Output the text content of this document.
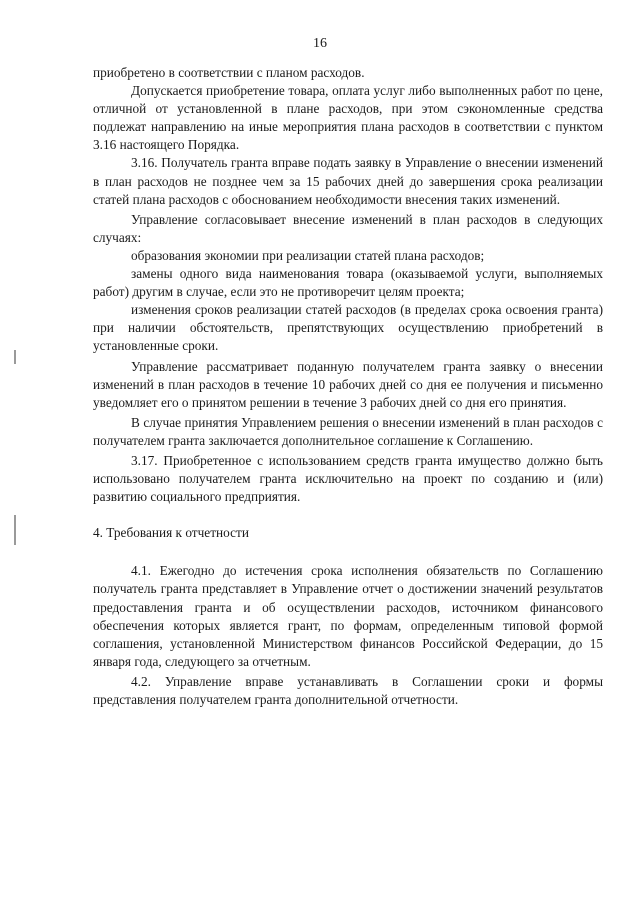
16

приобретено в соответствии с планом расходов.

Допускается приобретение товара, оплата услуг либо выполненных работ по цене, отличной от установленной в плане расходов, при этом сэкономленные средства подлежат направлению на иные мероприятия плана расходов в соответствии с пунктом 3.16 настоящего Порядка.

3.16. Получатель гранта вправе подать заявку в Управление о внесении изменений в план расходов не позднее чем за 15 рабочих дней до завершения срока реализации статей плана расходов с обоснованием необходимости внесения таких изменений.

Управление согласовывает внесение изменений в план расходов в следующих случаях:

образования экономии при реализации статей плана расходов;

замены одного вида наименования товара (оказываемой услуги, выполняемых работ) другим в случае, если это не противоречит целям проекта;

изменения сроков реализации статей расходов (в пределах срока освоения гранта) при наличии обстоятельств, препятствующих осуществлению приобретений в установленные сроки.

Управление рассматривает поданную получателем гранта заявку о внесении изменений в план расходов в течение 10 рабочих дней со дня ее получения и письменно уведомляет его о принятом решении в течение 3 рабочих дней со дня его принятия.

В случае принятия Управлением решения о внесении изменений в план расходов с получателем гранта заключается дополнительное соглашение к Соглашению.

3.17. Приобретенное с использованием средств гранта имущество должно быть использовано получателем гранта исключительно на проект по созданию и (или) развитию социального предприятия.

4. Требования к отчетности

4.1. Ежегодно до истечения срока исполнения обязательств по Соглашению получатель гранта представляет в Управление отчет о достижении значений результатов предоставления гранта и об осуществлении расходов, источником финансового обеспечения которых является грант, по формам, определенным типовой формой соглашения, установленной Министерством финансов Российской Федерации, до 15 января года, следующего за отчетным.

4.2. Управление вправе устанавливать в Соглашении сроки и формы представления получателем гранта дополнительной отчетности.
